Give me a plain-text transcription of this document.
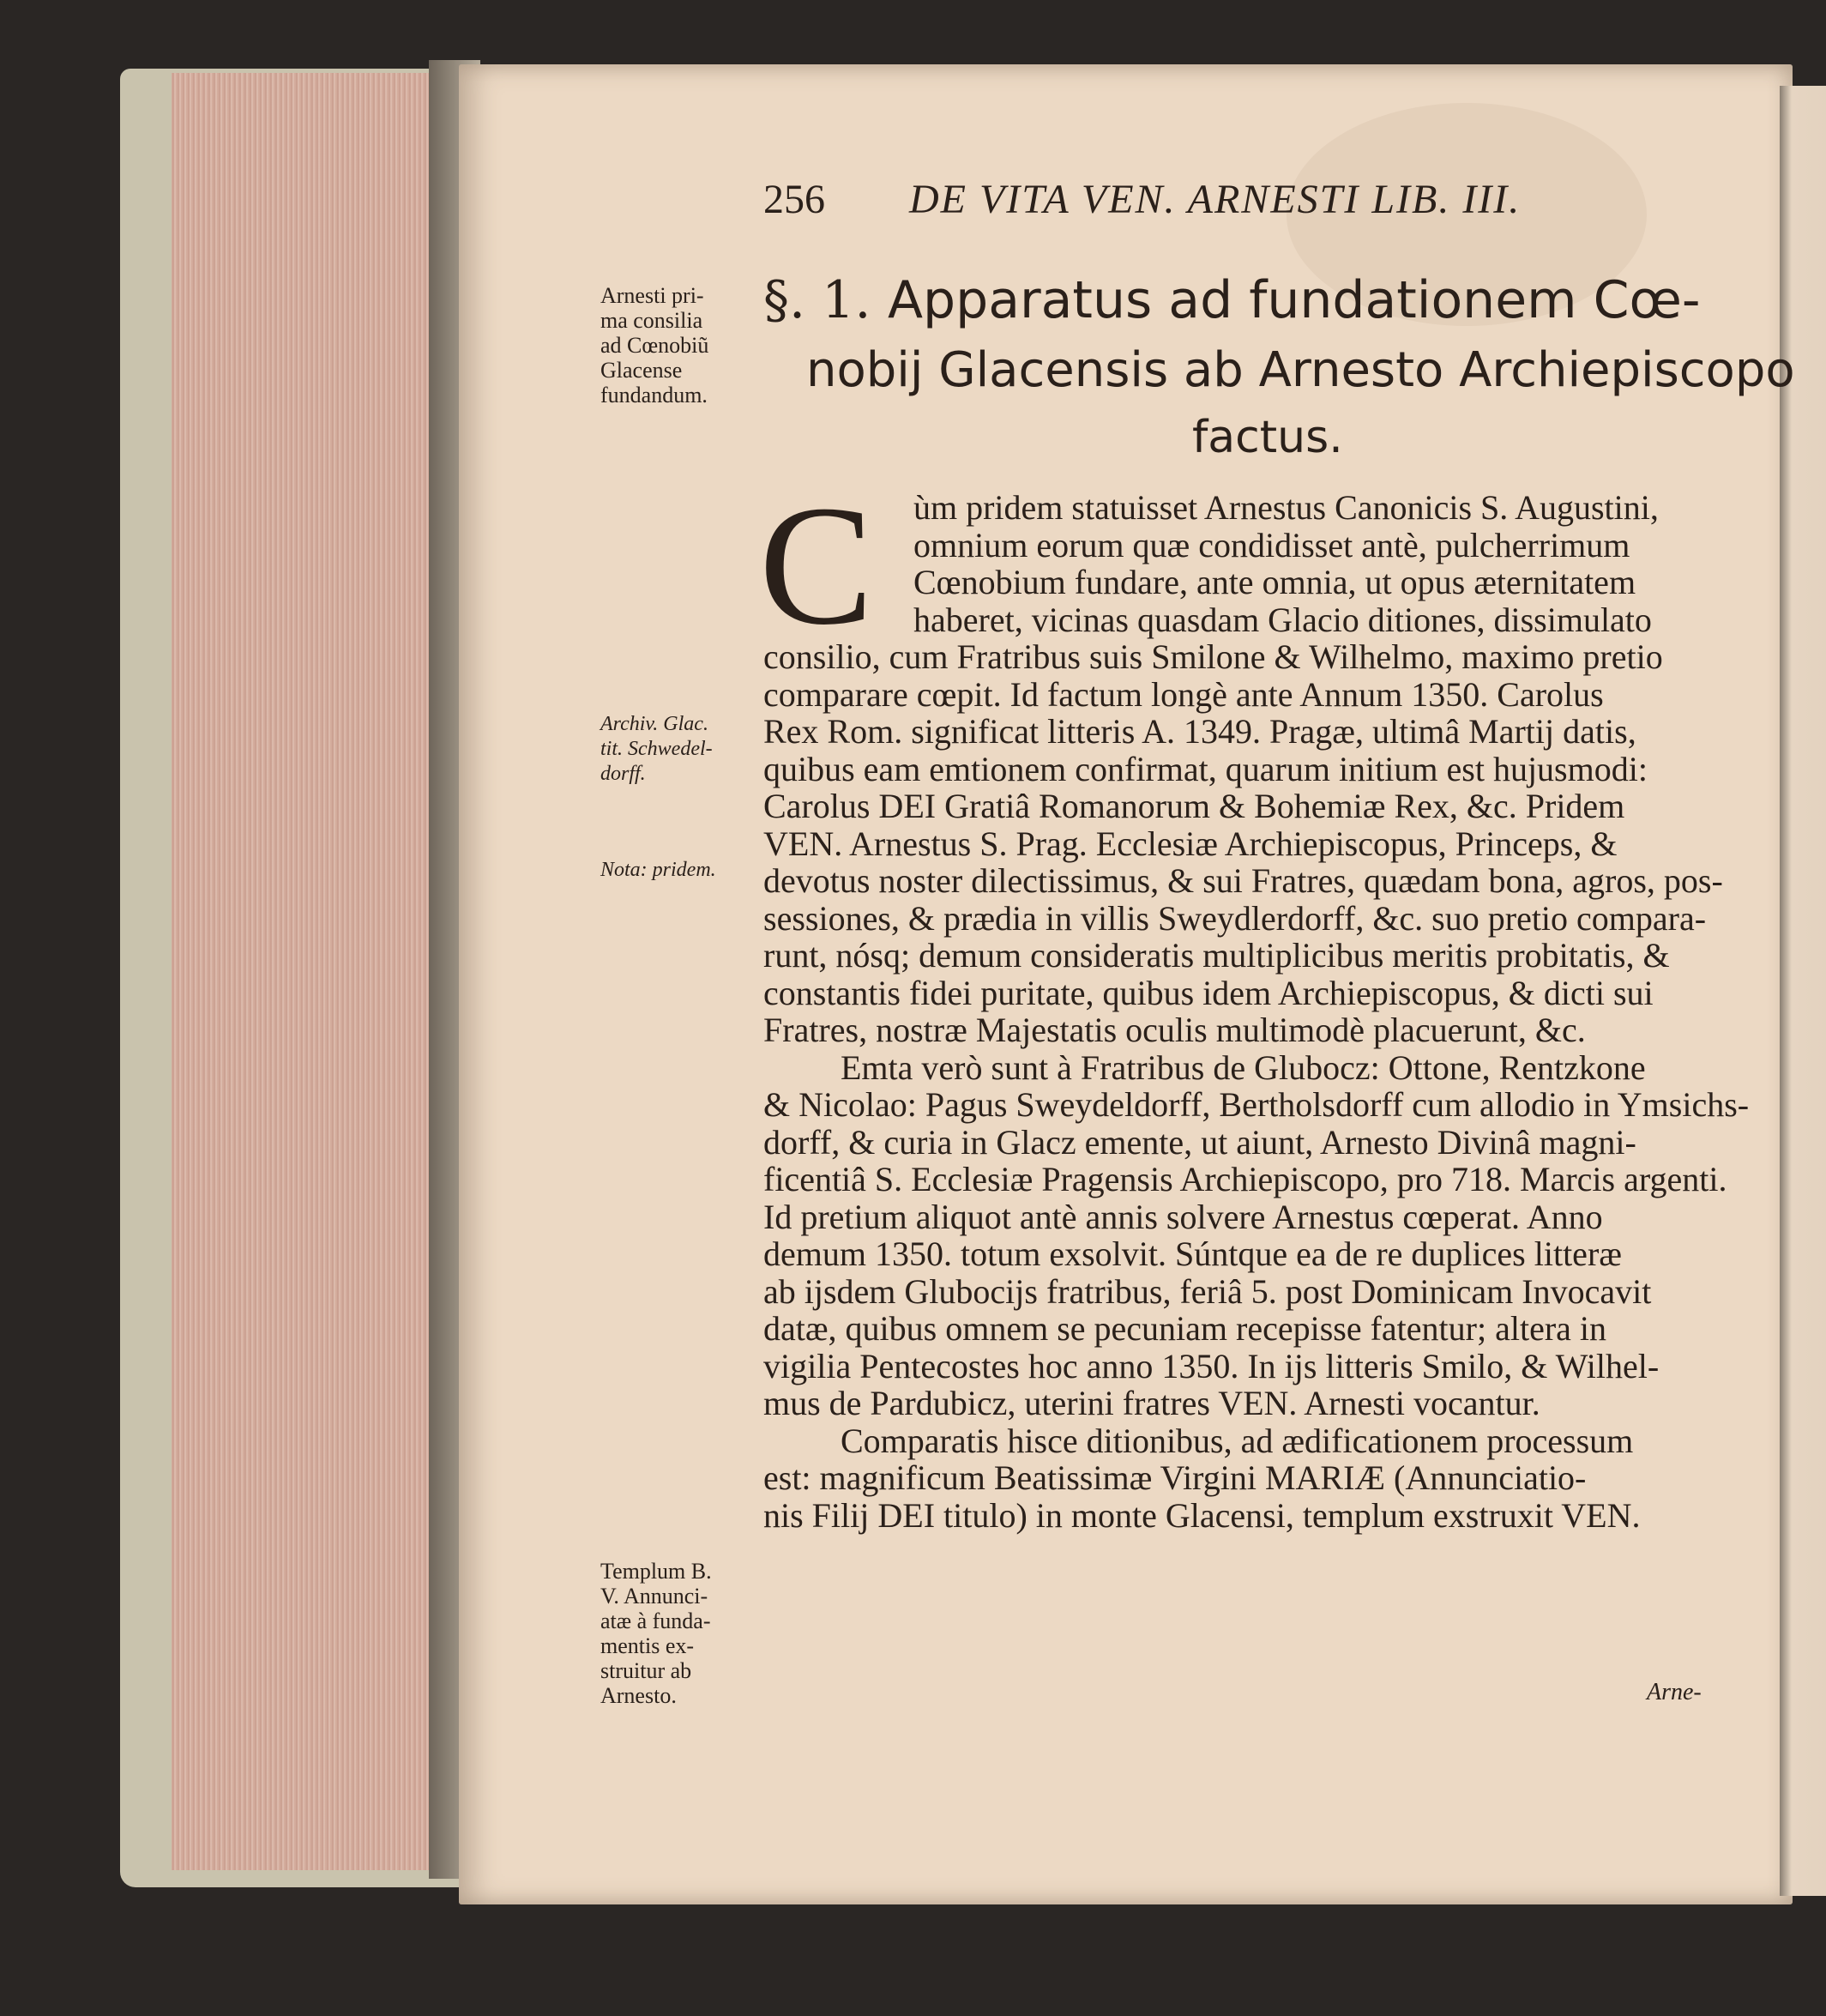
256 DE VITA VEN. ARNESTI LIB. III.
Arnesti pri-
ma consilia
ad Cœnobiũ
Glacense
fundandum.
Archiv. Glac.
tit. Schwedel-
dorff.
Nota: pridem.
Templum B.
V. Annunci-
atæ à funda-
mentis ex-
struitur ab
Arnesto.
§. 1. Apparatus ad fundationem Cœ-
nobij Glacensis ab Arnesto Archiepiscopo
factus.
C ùm pridem statuisset Arnestus Canonicis S. Augustini,
omnium eorum quæ condidisset antè, pulcherrimum
Cœnobium fundare, ante omnia, ut opus æternitatem
haberet, vicinas quasdam Glacio ditiones, dissimulato
consilio, cum Fratribus suis Smilone & Wilhelmo, maximo pretio
comparare cœpit. Id factum longè ante Annum 1350. Carolus
Rex Rom. significat litteris A. 1349. Pragæ, ultimâ Martij datis,
quibus eam emtionem confirmat, quarum initium est hujusmodi:
Carolus DEI Gratiâ Romanorum & Bohemiæ Rex, &c. Pridem
VEN. Arnestus S. Prag. Ecclesiæ Archiepiscopus, Princeps, &
devotus noster dilectissimus, & sui Fratres, quædam bona, agros, pos-
sessiones, & prædia in villis Sweydlerdorff, &c. suo pretio compara-
runt, nósq; demum consideratis multiplicibus meritis probitatis, &
constantis fidei puritate, quibus idem Archiepiscopus, & dicti sui
Fratres, nostræ Majestatis oculis multimodè placuerunt, &c.
Emta verò sunt à Fratribus de Glubocz: Ottone, Rentzkone
& Nicolao: Pagus Sweydeldorff, Bertholsdorff cum allodio in Ymsichs-
dorff, & curia in Glacz emente, ut aiunt, Arnesto Divinâ magni-
ficentiâ S. Ecclesiæ Pragensis Archiepiscopo, pro 718. Marcis argenti.
Id pretium aliquot antè annis solvere Arnestus cœperat. Anno
demum 1350. totum exsolvit. Súntque ea de re duplices litteræ
ab ijsdem Glubocijs fratribus, feriâ 5. post Dominicam Invocavit
datæ, quibus omnem se pecuniam recepisse fatentur; altera in
vigilia Pentecostes hoc anno 1350. In ijs litteris Smilo, & Wilhel-
mus de Pardubicz, uterini fratres VEN. Arnesti vocantur.
Comparatis hisce ditionibus, ad ædificationem processum
est: magnificum Beatissimæ Virgini MARIÆ (Annunciatio-
nis Filij DEI titulo) in monte Glacensi, templum exstruxit VEN.
Arne-
